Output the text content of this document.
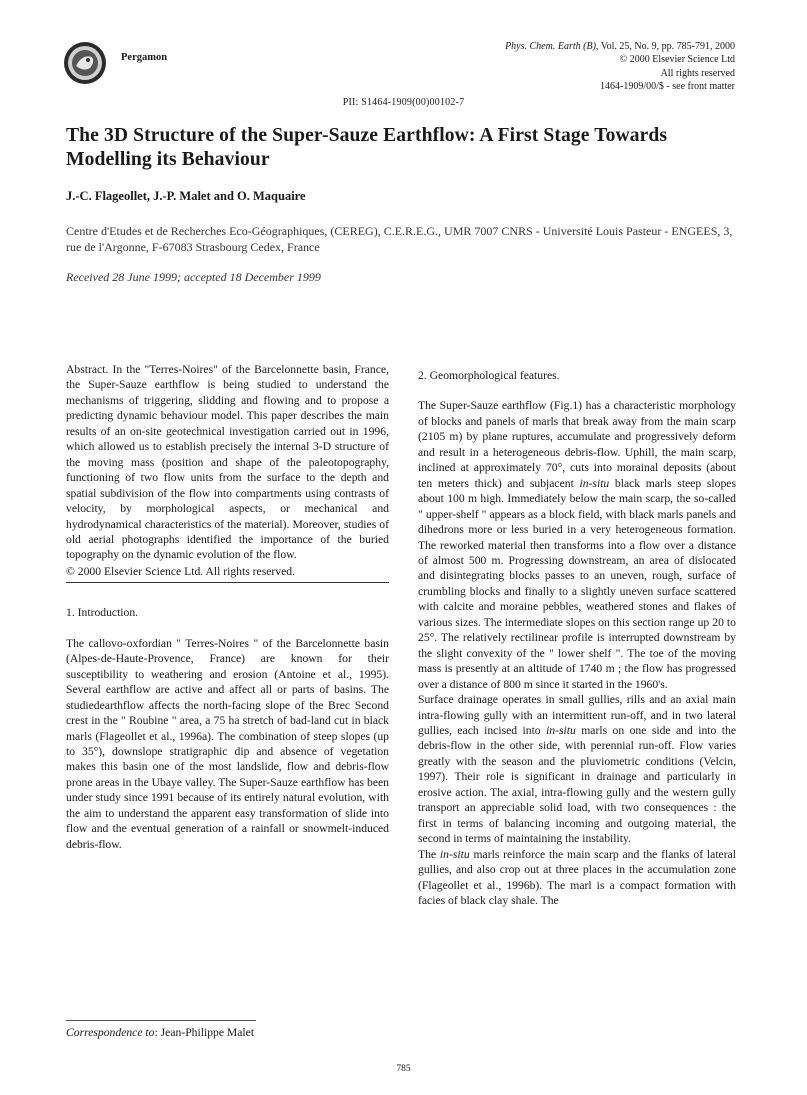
Pergamon
Phys. Chem. Earth (B), Vol. 25, No. 9, pp. 785-791, 2000
© 2000 Elsevier Science Ltd
All rights reserved
1464-1909/00/$ - see front matter
PII: S1464-1909(00)00102-7
The 3D Structure of the Super-Sauze Earthflow: A First Stage Towards Modelling its Behaviour
J.-C. Flageollet, J.-P. Malet and O. Maquaire
Centre d'Etudes et de Recherches Eco-Géographiques, (CEREG), C.E.R.E.G., UMR 7007 CNRS - Université Louis Pasteur - ENGEES, 3, rue de l'Argonne, F-67083 Strasbourg Cedex, France
Received 28 June 1999; accepted 18 December 1999

Abstract. In the "Terres-Noires" of the Barcelonnette basin, France, the Super-Sauze earthflow is being studied to understand the mechanisms of triggering, slidding and flowing and to propose a predicting dynamic behaviour model. This paper describes the main results of an on-site geotechnical investigation carried out in 1996, which allowed us to establish precisely the internal 3-D structure of the moving mass (position and shape of the paleotopography, functioning of two flow units from the surface to the depth and spatial subdivision of the flow into compartments using contrasts of velocity, by morphological aspects, or mechanical and hydrodynamical characteristics of the material). Moreover, studies of old aerial photographs identified the importance of the buried topography on the dynamic evolution of the flow.

© 2000 Elsevier Science Ltd. All rights reserved.

1. Introduction.

The callovo-oxfordian " Terres-Noires " of the Barcelonnette basin (Alpes-de-Haute-Provence, France) are known for their susceptibility to weathering and erosion (Antoine et al., 1995). Several earthflow are active and affect all or parts of basins. The studiedearthflow affects the north-facing slope of the Brec Second crest in the " Roubine " area, a 75 ha stretch of bad-land cut in black marls (Flageollet et al., 1996a). The combination of steep slopes (up to 35°), downslope stratigraphic dip and absence of vegetation makes this basin one of the most landslide, flow and debris-flow prone areas in the Ubaye valley. The Super-Sauze earthflow has been under study since 1991 because of its entirely natural evolution, with the aim to understand the apparent easy transformation of slide into flow and the eventual generation of a rainfall or snowmelt-induced debris-flow.

Correspondence to: Jean-Philippe Malet

2. Geomorphological features.

The Super-Sauze earthflow (Fig.1) has a characteristic morphology of blocks and panels of marls that break away from the main scarp (2105 m) by plane ruptures, accumulate and progressively deform and result in a heterogeneous debris-flow. Uphill, the main scarp, inclined at approximately 70°, cuts into morainal deposits (about ten meters thick) and subjacent in-situ black marls steep slopes about 100 m high. Immediately below the main scarp, the so-called " upper-shelf " appears as a block field, with black marls panels and dihedrons more or less buried in a very heterogeneous formation. The reworked material then transforms into a flow over a distance of almost 500 m. Progressing downstream, an area of dislocated and disintegrating blocks passes to an uneven, rough, surface of crumbling blocks and finally to a slightly uneven surface scattered with calcite and moraine pebbles, weathered stones and flakes of various sizes. The intermediate slopes on this section range up 20 to 25°. The relatively rectilinear profile is interrupted downstream by the slight convexity of the " lower shelf ". The toe of the moving mass is presently at an altitude of 1740 m ; the flow has progressed over a distance of 800 m since it started in the 1960's.

Surface drainage operates in small gullies, rills and an axial main intra-flowing gully with an intermittent run-off, and in two lateral gullies, each incised into in-situ marls on one side and into the debris-flow in the other side, with perennial run-off. Flow varies greatly with the season and the pluviometric conditions (Velcin, 1997). Their role is significant in drainage and particularly in erosive action. The axial, intra-flowing gully and the western gully transport an appreciable solid load, with two consequences : the first in terms of balancing incoming and outgoing material, the second in terms of maintaining the instability.

The in-situ marls reinforce the main scarp and the flanks of lateral gullies, and also crop out at three places in the accumulation zone (Flageollet et al., 1996b). The marl is a compact formation with facies of black clay shale. The

785
